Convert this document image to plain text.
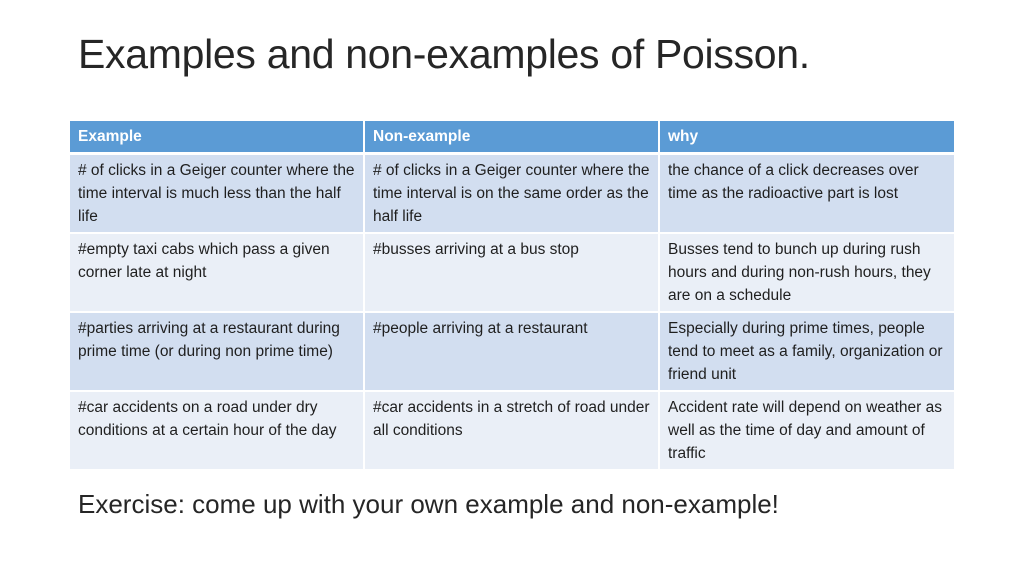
Examples and non-examples of Poisson.
Example	Non-example	why
# of clicks in a Geiger counter where the time interval is much less than the half life	# of clicks in a Geiger counter where the time interval is on the same order as the half life	the chance of a click decreases over time as the radioactive part is lost
#empty taxi cabs which pass a given corner late at night	#busses arriving at a bus stop	Busses tend to bunch up during rush hours and during non-rush hours, they are on a schedule
#parties arriving at a restaurant during prime time (or during non prime time)	#people arriving at a restaurant	Especially during prime times, people tend to meet as a family, organization or friend unit
#car accidents on a road under dry conditions at a certain hour of the day	#car accidents in a stretch of road under all conditions	Accident rate will depend on weather as well as the time of day and amount of traffic
Exercise: come up with your own example and non-example!
